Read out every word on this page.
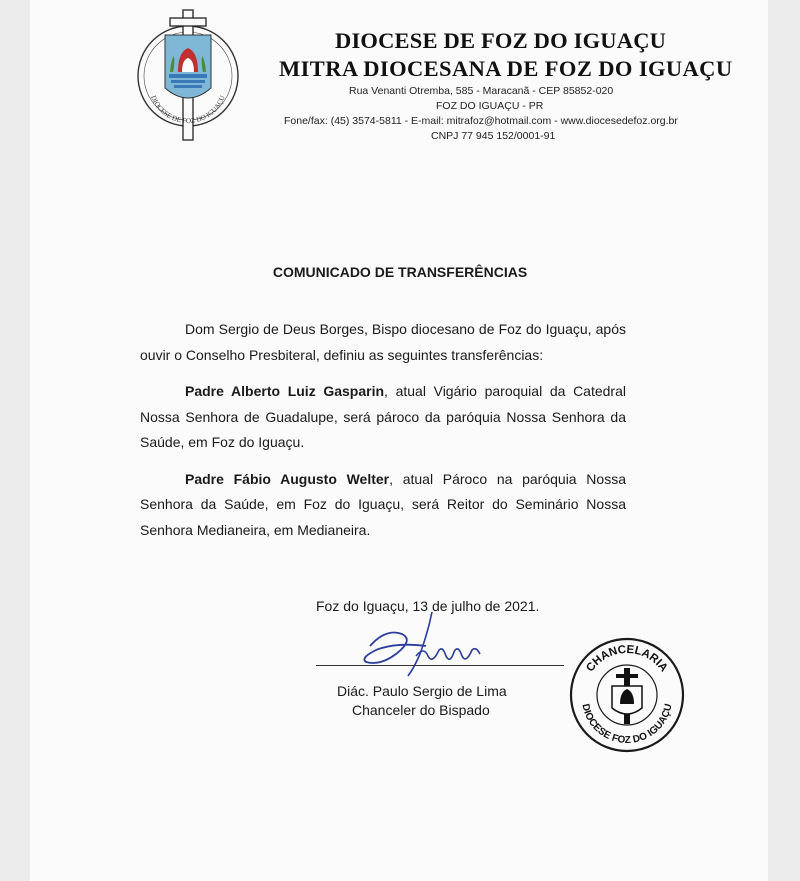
DIOCESE DE FOZ DO IGUAÇU
DIOCESE DE FOZ DO IGUAÇU
MITRA DIOCESANA DE FOZ DO IGUAÇU
Rua Venanti Otremba, 585 - Maracanã - CEP 85852-020
FOZ DO IGUAÇU - PR
Fone/fax: (45) 3574-5811 - E-mail: mitrafoz@hotmail.com - www.diocesedefoz.org.br
CNPJ 77 945 152/0001-91
COMUNICADO DE TRANSFERÊNCIAS

Dom Sergio de Deus Borges, Bispo diocesano de Foz do Iguaçu, após ouvir o Conselho Presbiteral, definiu as seguintes transferências:

Padre Alberto Luiz Gasparin, atual Vigário paroquial da Catedral Nossa Senhora de Guadalupe, será pároco da paróquia Nossa Senhora da Saúde, em Foz do Iguaçu.

Padre Fábio Augusto Welter, atual Pároco na paróquia Nossa Senhora da Saúde, em Foz do Iguaçu, será Reitor do Seminário Nossa Senhora Medianeira, em Medianeira.

Foz do Iguaçu, 13 de julho de 2021.
Diác. Paulo Sergio de Lima
Chanceler do Bispado
CHANCELARIA
DIOCESE FOZ DO IGUAÇU
